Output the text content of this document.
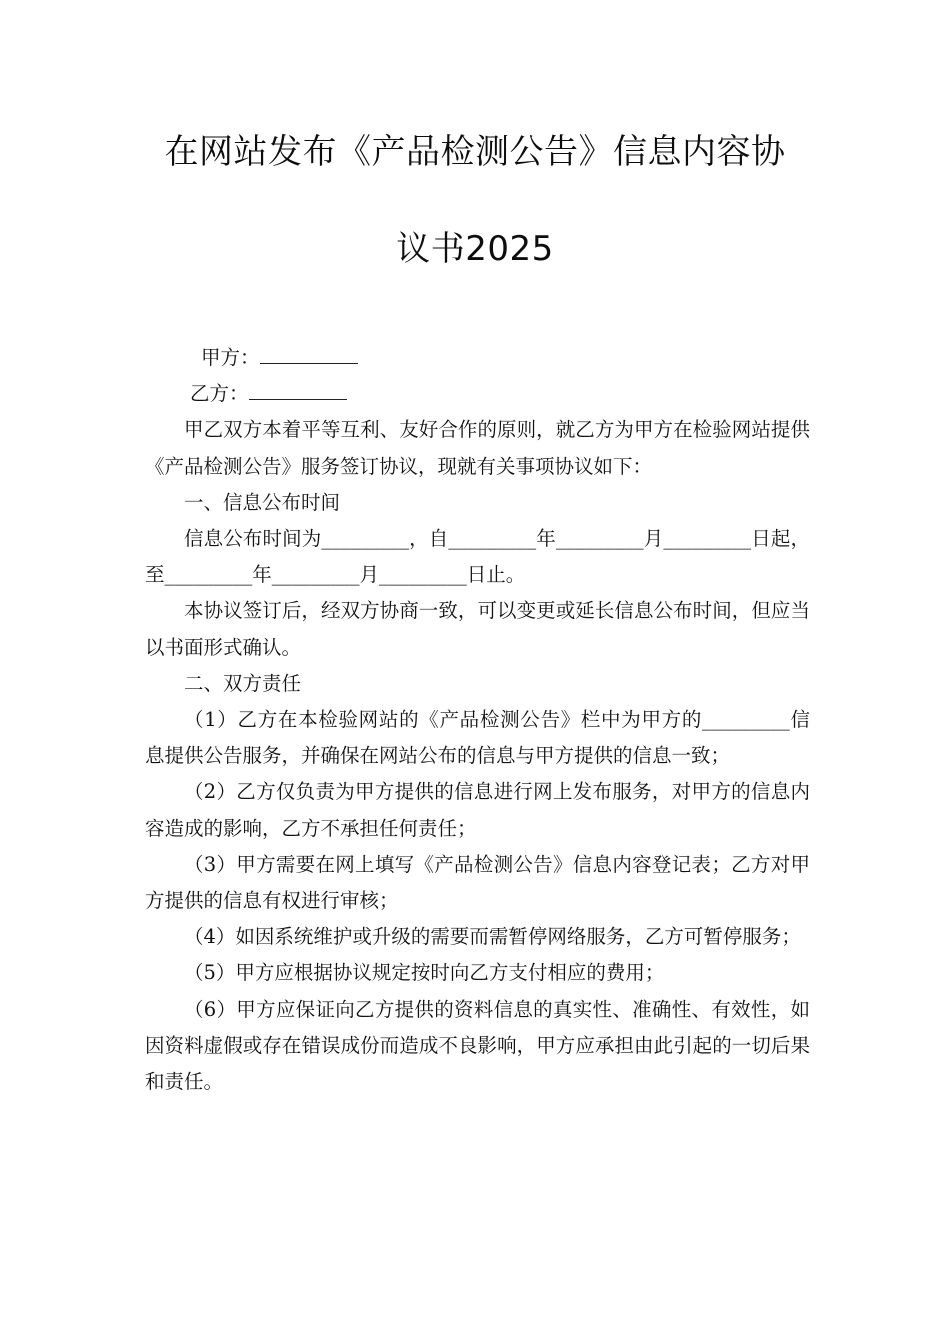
在网站发布《产品检测公告》信息内容协
议书2025

甲方：

乙方：

甲乙双方本着平等互利、友好合作的原则，就乙方为甲方在检验网站提供《产品检测公告》服务签订协议，现就有关事项协议如下：

一、信息公布时间

信息公布时间为_________，自_________年_________月_________日起，至_________年_________月_________日止。

本协议签订后，经双方协商一致，可以变更或延长信息公布时间，但应当以书面形式确认。

二、双方责任

（1）乙方在本检验网站的《产品检测公告》栏中为甲方的_________信息提供公告服务，并确保在网站公布的信息与甲方提供的信息一致；

（2）乙方仅负责为甲方提供的信息进行网上发布服务，对甲方的信息内容造成的影响，乙方不承担任何责任；

（3）甲方需要在网上填写《产品检测公告》信息内容登记表；乙方对甲方提供的信息有权进行审核；

（4）如因系统维护或升级的需要而需暂停网络服务，乙方可暂停服务；

（5）甲方应根据协议规定按时向乙方支付相应的费用；

（6）甲方应保证向乙方提供的资料信息的真实性、准确性、有效性，如因资料虚假或存在错误成份而造成不良影响，甲方应承担由此引起的一切后果和责任。
